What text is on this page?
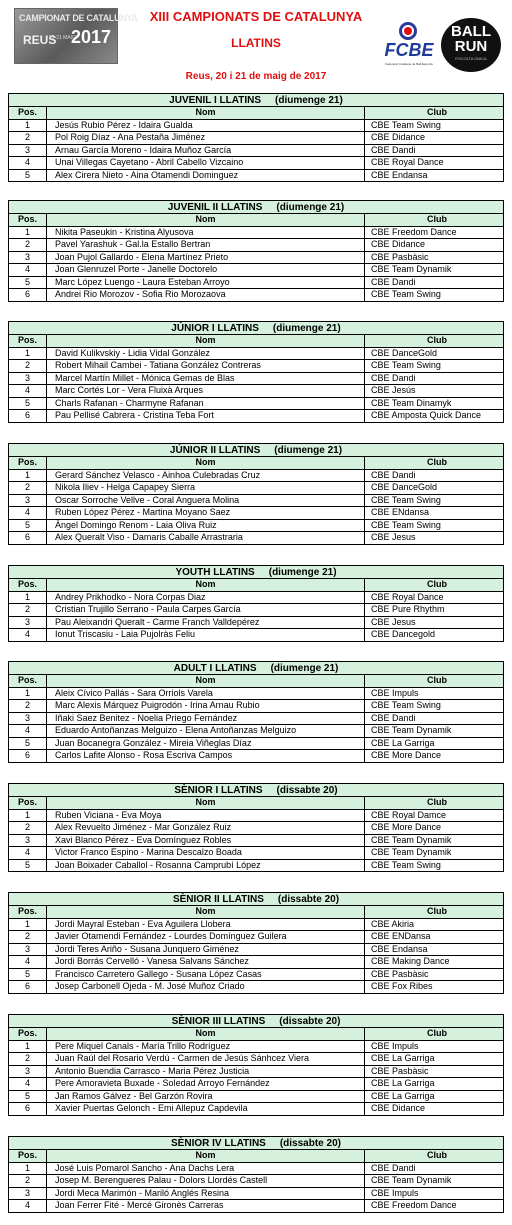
CAMPIONAT DE CATALUNYA
REUS
20-21 MAIG
2017
XIII CAMPIONATS DE CATALUNYA
LLATINS
Reus, 20 i 21 de maig de 2017
FCBE
Federació Catalana de Ball Esportiu
BALL
RUN
ESCOLTA ÚNICA
JUVENIL I LLATINS (diumenge 21)		
Pos.	Nom	Club
1	Jesús Rubio Pérez - Idaira Gualda	CBE Team Swing
2	Pol Roig Díaz - Ana Pestaña Jiménez	CBE Didance
3	Arnau García Moreno - Idaira Muñoz García	CBE Dandi
4	Unai Villegas Cayetano - Abril Cabello Vizcaino	CBE Royal Dance
5	Alex Cirera Nieto - Aina Otamendi Dominguez	CBE Endansa
JUVENIL II LLATINS (diumenge 21)		
Pos.	Nom	Club
1	Nikita Paseukin - Kristina Alyusova	CBE Freedom Dance
2	Pavel Yarashuk - Gal.la Estallo Bertran	CBE Didance
3	Joan Pujol Gallardo - Elena Martínez Prieto	CBE Pasbàsic
4	Joan Glenruzel Porte - Janelle Doctorelo	CBE Team Dynamik
5	Marc López Luengo - Laura Esteban Arroyo	CBE Dandi
6	Andrei Rio Morozov - Sofia Rio Morozaova	CBE Team Swing
JÚNIOR I LLATINS (diumenge 21)		
Pos.	Nom	Club
1	David Kulikvskiy - Lidia Vidal González	CBE DanceGold
2	Robert Mihail Cambei - Tatiana González Contreras	CBE Team Swing
3	Marcel Martín Millet - Mónica Gemas de Blas	CBE Dandi
4	Marc Cortés Lor - Vera Fluixà Arques	CBE Jesús
5	Charls Rafanan - Charmyne Rafanan	CBE Team Dinamyk
6	Pau Pellisé Cabrera - Cristina Teba Fort	CBE Amposta Quick Dance
JÚNIOR II LLATINS (diumenge 21)		
Pos.	Nom	Club
1	Gerard Sánchez Velasco - Ainhoa Culebradas Cruz	CBE Dandi
2	Nikola Iliev - Helga Capapey Sierra	CBE DanceGold
3	Oscar Sorroche Vellve - Coral Anguera Molina	CBE Team Swing
4	Ruben López Pérez - Martina Moyano Saez	CBE ENdansa
5	Àngel Domingo Renom - Laia Oliva Ruiz	CBE Team Swing
6	Alex Queralt Viso - Damaris Caballe Arrastraria	CBE Jesus
YOUTH LLATINS (diumenge 21)		
Pos.	Nom	Club
1	Andrey Prikhodko - Nora Corpas Diaz	CBE Royal Dance
2	Cristian Trujillo Serrano - Paula Carpes García	CBE Pure Rhythm
3	Pau Aleixandri Queralt - Carme Franch Valldepérez	CBE Jesus
4	Ionut Triscasiu - Laia Pujolràs Feliu	CBE Dancegold
ADULT I LLATINS (diumenge 21)		
Pos.	Nom	Club
1	Aleix Cívico Pallás - Sara Orriols Varela	CBE Impuls
2	Marc Alexis Márquez Puigrodón - Irina Arnau Rubio	CBE Team Swing
3	Iñaki Saez Benitez - Noelia Priego Fernández	CBE Dandi
4	Eduardo Antoñanzas Melguizo - Elena Antoñanzas Melguizo	CBE Team Dynamik
5	Juan Bocanegra González - Mireia Viñeglas Díaz	CBE La Garriga
6	Carlos Lafite Alonso - Rosa Escriva Campos	CBE More Dance
SÈNIOR I LLATINS (dissabte 20)		
Pos.	Nom	Club
1	Ruben Viciana - Eva Moya	CBE Royal Damce
2	Alex Revuelto Jiménez - Mar González Ruiz	CBE More Dance
3	Xavi Blanco Pérez - Eva Domínguez Robles	CBE Team Dynamik
4	Victor Franco Espino - Marina Descalzo Boada	CBE Team Dynamik
5	Joan Boixader Caballol - Rosanna Camprubí López	CBE Team Swing
SÈNIOR II LLATINS (dissabte 20)		
Pos.	Nom	Club
1	Jordi Mayral Esteban - Eva Aguilera Llobera	CBE Akiria
2	Javier Otamendi Fernández - Lourdes Domínguez Guilera	CBE ENDansa
3	Jordi Teres Ariño - Susana Junquero Giménez	CBE Endansa
4	Jordi Borrás Cervelló - Vanesa Salvans Sánchez	CBE Making Dance
5	Francisco Carretero Gallego - Susana López Casas	CBE Pasbàsic
6	Josep Carbonell Ojeda - M. José Muñoz Criado	CBE Fox Ribes
SÈNIOR III LLATINS (dissabte 20)		
Pos.	Nom	Club
1	Pere Miquel Canals - María Trillo Rodríguez	CBE Impuls
2	Juan Raúl del Rosario Verdú - Carmen de Jesús Sánhcez Viera	CBE La Garriga
3	Antonio Buendia Carrasco - Maria Pérez Justicia	CBE Pasbàsic
4	Pere Amoravieta Buxade - Soledad Arroyo Fernández	CBE La Garriga
5	Jan Ramos Gálvez - Bel Garzón Rovira	CBE La Garriga
6	Xavier Puertas Gelonch - Emi Allepuz Capdevila	CBE Didance
SÈNIOR IV LLATINS (dissabte 20)		
Pos.	Nom	Club
1	José Luis Pomarol Sancho - Ana Dachs Lera	CBE Dandi
2	Josep M. Berengueres Palau - Dolors Llordés Castell	CBE Team Dynamik
3	Jordi Meca Marimón - Mariló Anglés Resina	CBE Impuls
4	Joan Ferrer Fité - Mercé Gironès Carreras	CBE Freedom Dance
